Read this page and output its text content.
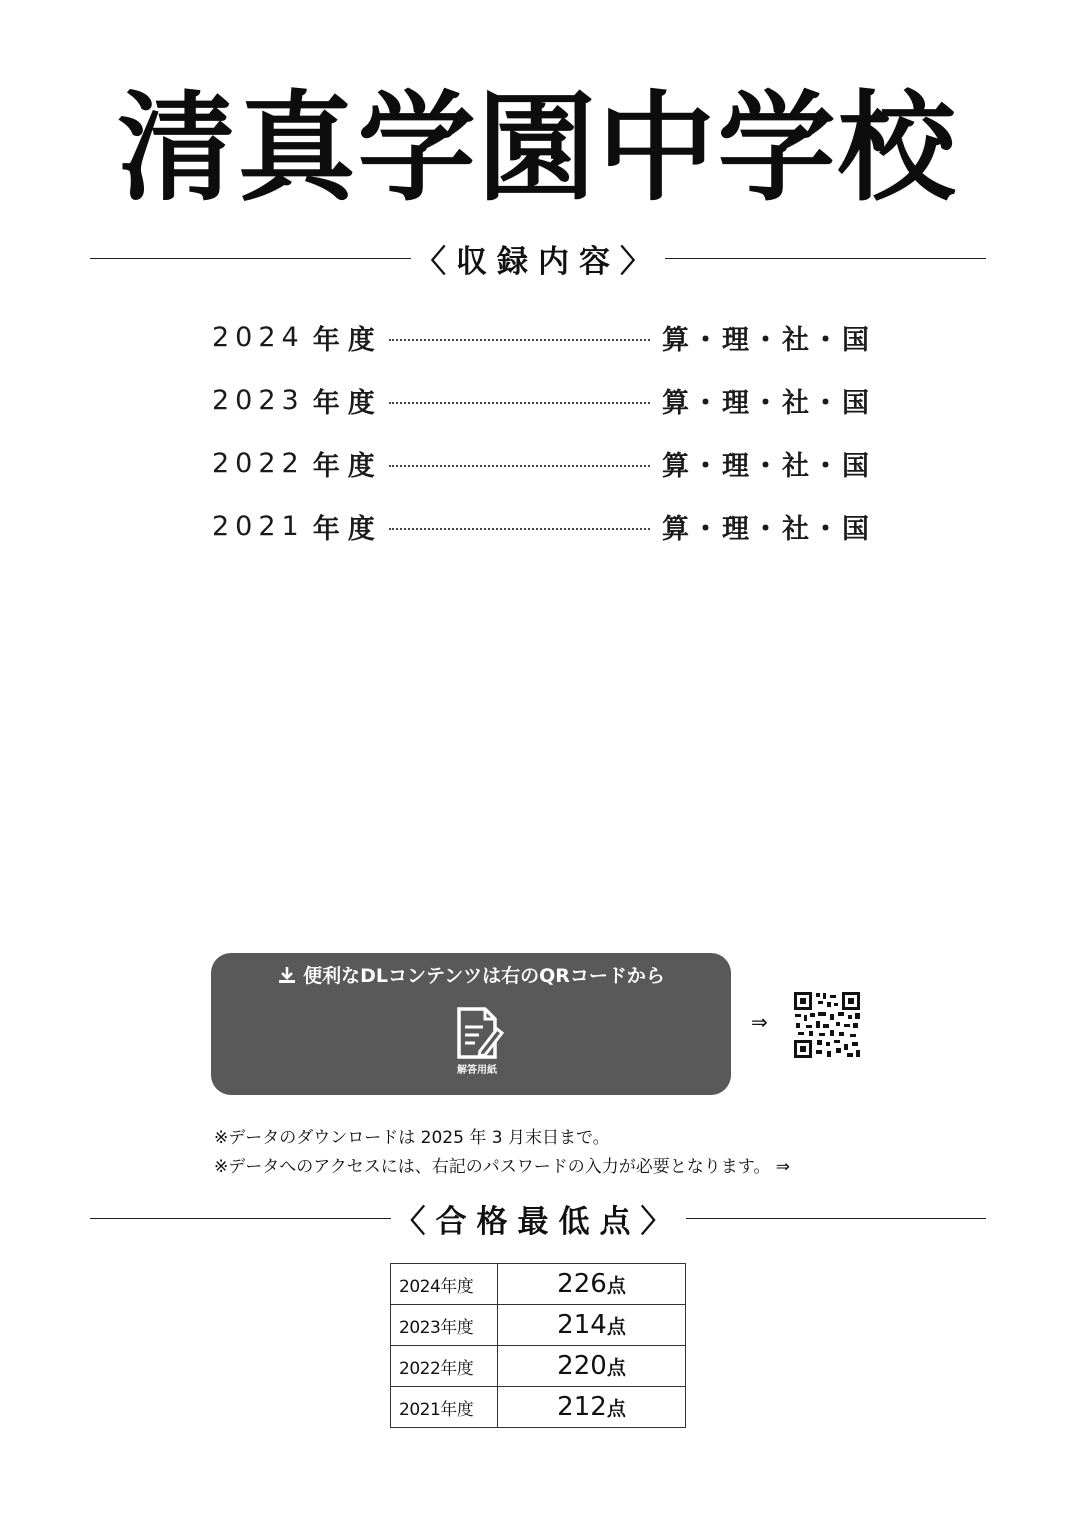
清真学園中学校
〈収録内容〉
2024 年度	算・理・社・国
2023 年度	算・理・社・国
2022 年度	算・理・社・国
2021 年度	算・理・社・国
便利なDLコンテンツは右のQRコードから
解答用紙
⇒
※データのダウンロードは 2025 年 3 月末日まで。
※データへのアクセスには、右記のパスワードの入力が必要となります。 ⇒
〈合格最低点〉
2024年度	226点
2023年度	214点
2022年度	220点
2021年度	212点
